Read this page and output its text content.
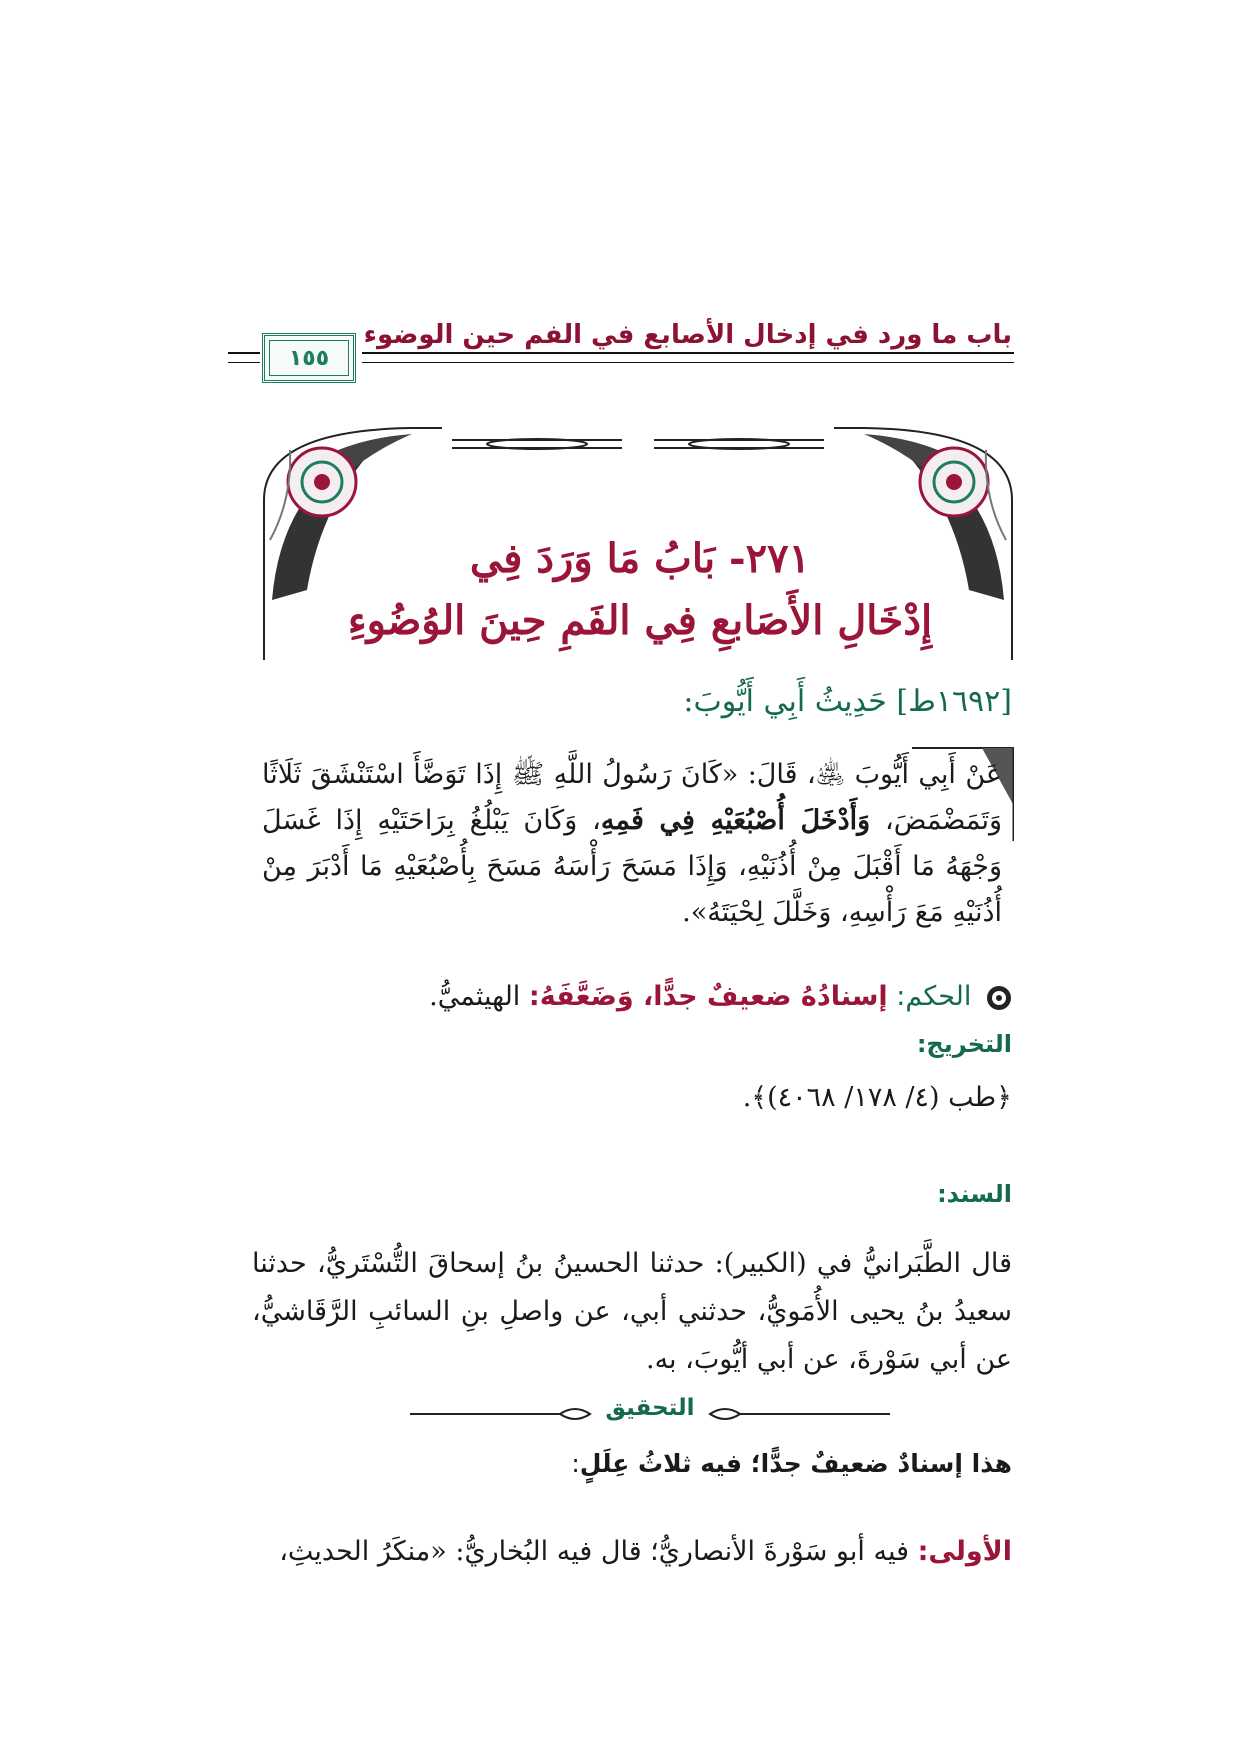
باب ما ورد في إدخال الأصابع في الفم حين الوضوء
١٥٥
٢٧١- بَابُ مَا وَرَدَ فِي
إِدْخَالِ الأَصَابعِ فِي الفَمِ حِينَ الوُضُوءِ
[١٦٩٢ط] حَدِيثُ أَبِي أَيُّوبَ:
عَنْ أَبِي أَيُّوبَ ﵁، قَالَ: «كَانَ رَسُولُ اللَّهِ ﷺ إِذَا تَوَضَّأَ اسْتَنْشَقَ ثَلَاثًا وَتَمَضْمَضَ، وَأَدْخَلَ أُصْبُعَيْهِ فِي فَمِهِ، وَكَانَ يَبْلُغُ بِرَاحَتَيْهِ إِذَا غَسَلَ وَجْهَهُ مَا أَقْبَلَ مِنْ أُذُنَيْهِ، وَإِذَا مَسَحَ رَأْسَهُ مَسَحَ بِأُصْبُعَيْهِ مَا أَدْبَرَ مِنْ أُذُنَيْهِ مَعَ رَأْسِهِ، وَخَلَّلَ لِحْيَتَهُ».
الحكم: إسنادُهُ ضعيفٌ جدًّا، وَضَعَّفَهُ: الهيثميُّ.
التخريج:
﴿طب (٤/ ١٧٨/ ٤٠٦٨)﴾.
السند:
قال الطَّبَرانيُّ في (الكبير): حدثنا الحسينُ بنُ إسحاقَ التُّسْتَريُّ، حدثنا سعيدُ بنُ يحيى الأُمَويُّ، حدثني أبي، عن واصلِ بنِ السائبِ الرَّقَاشيُّ، عن أبي سَوْرةَ، عن أبي أيُّوبَ، به.
التحقيق
هذا إسنادٌ ضعيفٌ جدًّا؛ فيه ثلاثُ عِلَلٍ:
الأولى: فيه أبو سَوْرةَ الأنصاريُّ؛ قال فيه البُخاريُّ: «منكَرُ الحديثِ،
